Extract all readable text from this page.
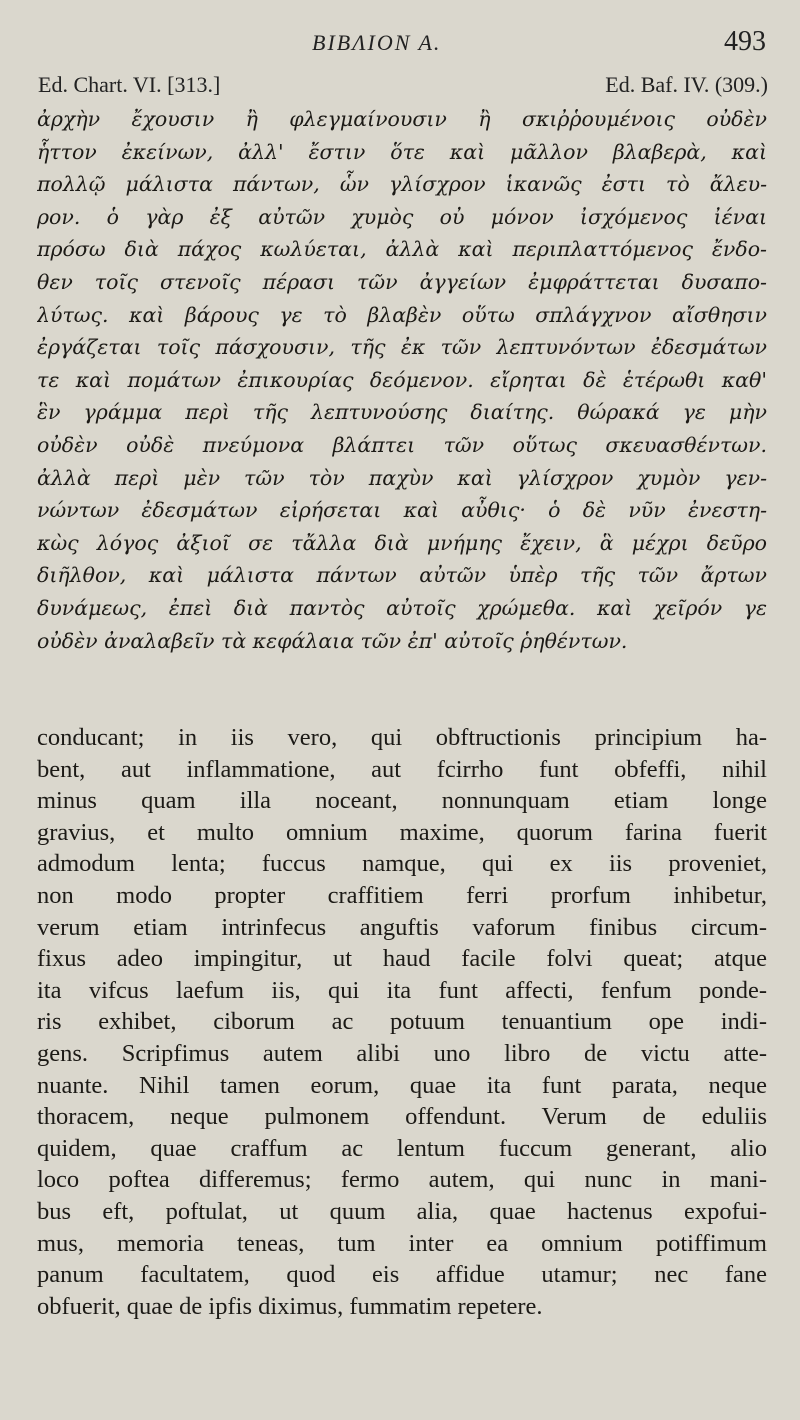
ΒΙΒΛΙΟΝ Α.	493
Ed. Chart. VI. [313.]	Ed. Baf. IV. (309.)
ἀρχὴν ἔχουσιν ἢ φλεγμαίνουσιν ἢ σκιῤῥουμένοις οὐδὲν
ἧττον ἐκείνων, ἀλλ' ἔστιν ὅτε καὶ μᾶλλον βλαβερὰ, καὶ
πολλῷ μάλιστα πάντων, ὧν γλίσχρον ἱκανῶς ἐστι τὸ ἄλευ-
ρον. ὁ γὰρ ἐξ αὐτῶν χυμὸς οὐ μόνον ἰσχόμενος ἰέναι
πρόσω διὰ πάχος κωλύεται, ἀλλὰ καὶ περιπλαττόμενος ἔνδο-
θεν τοῖς στενοῖς πέρασι τῶν ἀγγείων ἐμφράττεται δυσαπο-
λύτως. καὶ βάρους γε τὸ βλαβὲν οὕτω σπλάγχνον αἴσθησιν
ἐργάζεται τοῖς πάσχουσιν, τῆς ἐκ τῶν λεπτυνόντων ἐδεσμάτων
τε καὶ πομάτων ἐπικουρίας δεόμενον. εἴρηται δὲ ἑτέρωθι καθ'
ἓν γράμμα περὶ τῆς λεπτυνούσης διαίτης. θώρακά γε μὴν
οὐδὲν οὐδὲ πνεύμονα βλάπτει τῶν οὕτως σκευασθέντων.
ἀλλὰ περὶ μὲν τῶν τὸν παχὺν καὶ γλίσχρον χυμὸν γεν-
νώντων ἐδεσμάτων εἰρήσεται καὶ αὖθις· ὁ δὲ νῦν ἐνεστη-
κὼς λόγος ἀξιοῖ σε τἄλλα διὰ μνήμης ἔχειν, ἃ μέχρι δεῦρο
διῆλθον, καὶ μάλιστα πάντων αὐτῶν ὑπὲρ τῆς τῶν ἄρτων
δυνάμεως, ἐπεὶ διὰ παντὸς αὐτοῖς χρώμεθα. καὶ χεῖρόν γε
οὐδὲν ἀναλαβεῖν τὰ κεφάλαια τῶν ἐπ' αὐτοῖς ῥηθέντων.
conducant; in iis vero, qui obftructionis principium ha-
bent, aut inflammatione, aut fcirrho funt obfeffi, nihil
minus quam illa noceant, nonnunquam etiam longe
gravius, et multo omnium maxime, quorum farina fuerit
admodum lenta; fuccus namque, qui ex iis proveniet,
non modo propter craffitiem ferri prorfum inhibetur,
verum etiam intrinfecus anguftis vaforum finibus circum-
fixus adeo impingitur, ut haud facile folvi queat; atque
ita vifcus laefum iis, qui ita funt affecti, fenfum ponde-
ris exhibet, ciborum ac potuum tenuantium ope indi-
gens. Scripfimus autem alibi uno libro de victu atte-
nuante. Nihil tamen eorum, quae ita funt parata, neque
thoracem, neque pulmonem offendunt. Verum de eduliis
quidem, quae craffum ac lentum fuccum generant, alio
loco poftea differemus; fermo autem, qui nunc in mani-
bus eft, poftulat, ut quum alia, quae hactenus expofui-
mus, memoria teneas, tum inter ea omnium potiffimum
panum facultatem, quod eis affidue utamur; nec fane
obfuerit, quae de ipfis diximus, fummatim repetere.
